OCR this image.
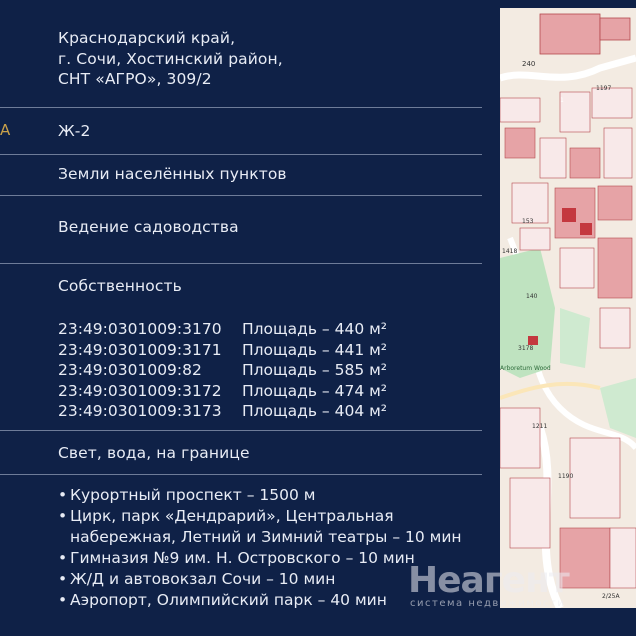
Краснодарский край,
г. Сочи, Хостинский район,
СНТ «АГРО», 309/2
А	Ж-2
Земли населённых пунктов
Ведение садоводства
Собственность
23:49:0301009:3170	Площадь – 440 м²
23:49:0301009:3171	Площадь – 441 м²
23:49:0301009:82	Площадь – 585 м²
23:49:0301009:3172	Площадь – 474 м²
23:49:0301009:3173	Площадь – 404 м²
Свет, вода, на границе
• Курортный проспект – 1500 м
• Цирк, парк «Дендрарий», Центральная
набережная, Летний и Зимний театры – 10 мин
• Гимназия №9 им. Н. Островского – 10 мин
• Ж/Д и автовокзал Сочи – 10 мин
• Аэропорт, Олимпийский парк – 40 мин
240
1197
153
1418
140
3178
Arboretum Wood
1211
1190
2/25А
1
Неагент
система недвижимости
